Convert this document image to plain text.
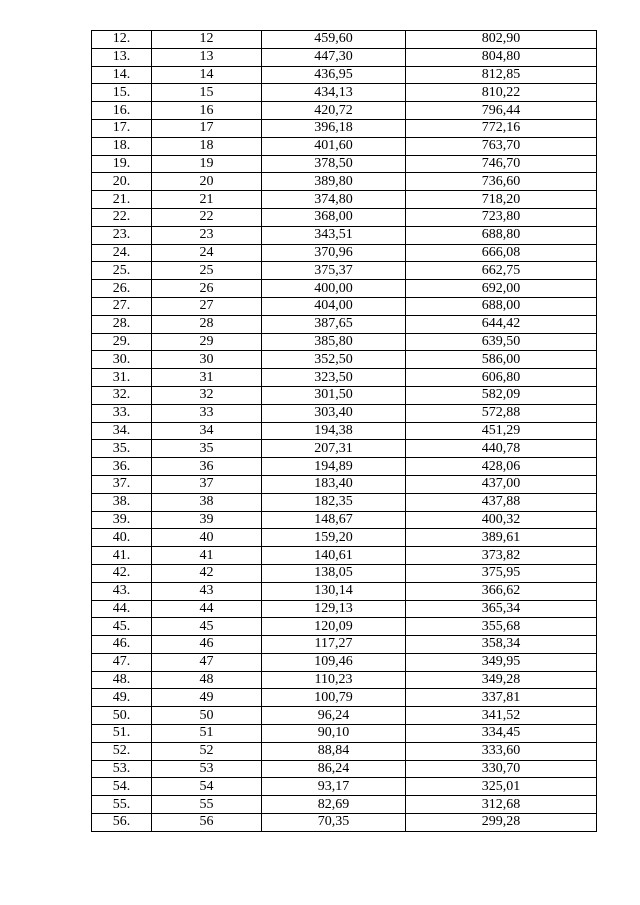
12.	12	459,60	802,90
13.	13	447,30	804,80
14.	14	436,95	812,85
15.	15	434,13	810,22
16.	16	420,72	796,44
17.	17	396,18	772,16
18.	18	401,60	763,70
19.	19	378,50	746,70
20.	20	389,80	736,60
21.	21	374,80	718,20
22.	22	368,00	723,80
23.	23	343,51	688,80
24.	24	370,96	666,08
25.	25	375,37	662,75
26.	26	400,00	692,00
27.	27	404,00	688,00
28.	28	387,65	644,42
29.	29	385,80	639,50
30.	30	352,50	586,00
31.	31	323,50	606,80
32.	32	301,50	582,09
33.	33	303,40	572,88
34.	34	194,38	451,29
35.	35	207,31	440,78
36.	36	194,89	428,06
37.	37	183,40	437,00
38.	38	182,35	437,88
39.	39	148,67	400,32
40.	40	159,20	389,61
41.	41	140,61	373,82
42.	42	138,05	375,95
43.	43	130,14	366,62
44.	44	129,13	365,34
45.	45	120,09	355,68
46.	46	117,27	358,34
47.	47	109,46	349,95
48.	48	110,23	349,28
49.	49	100,79	337,81
50.	50	96,24	341,52
51.	51	90,10	334,45
52.	52	88,84	333,60
53.	53	86,24	330,70
54.	54	93,17	325,01
55.	55	82,69	312,68
56.	56	70,35	299,28
